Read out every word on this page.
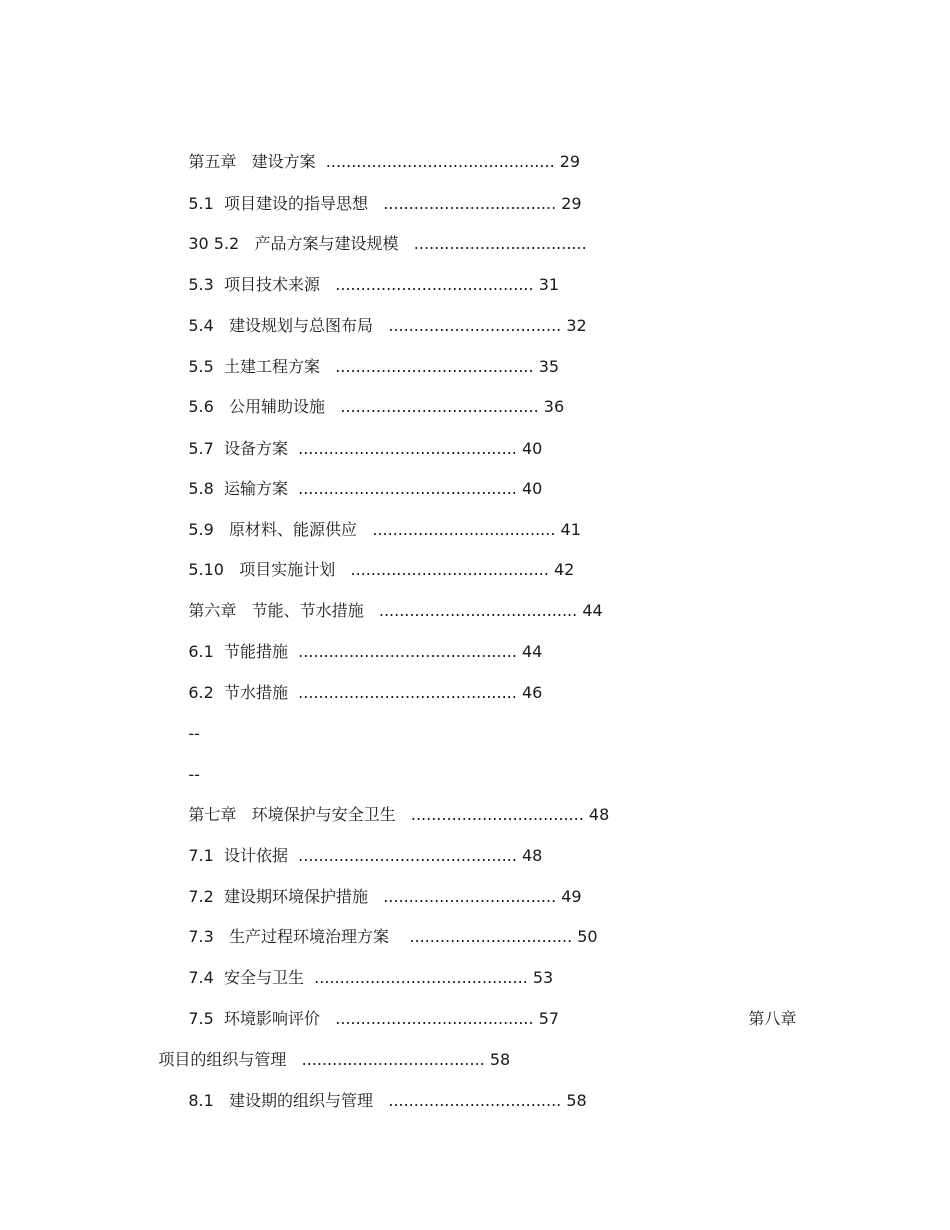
第五章   建设方案 ............................................. 29

5.1  项目建设的指导思想 .................................. 29

30 5.2   产品方案与建设规模 ..................................

5.3  项目技术来源 ....................................... 31

5.4   建设规划与总图布局 .................................. 32

5.5  土建工程方案 ....................................... 35

5.6   公用辅助设施 ....................................... 36

5.7  设备方案 ........................................... 40

5.8  运输方案 ........................................... 40

5.9   原材料、能源供应 .................................... 41

5.10   项目实施计划 ....................................... 42

第六章   节能、节水措施 ....................................... 44

6.1  节能措施 ........................................... 44

6.2  节水措施 ........................................... 46

--

--

第七章   环境保护与安全卫生 .................................. 48

7.1  设计依据 ........................................... 48

7.2  建设期环境保护措施 .................................. 49

7.3   生产过程环境治理方案 ................................ 50

7.4  安全与卫生 .......................................... 53

7.5  环境影响评价 ....................................... 57
	第八章

项目的组织与管理 .................................... 58

8.1   建设期的组织与管理 .................................. 58
